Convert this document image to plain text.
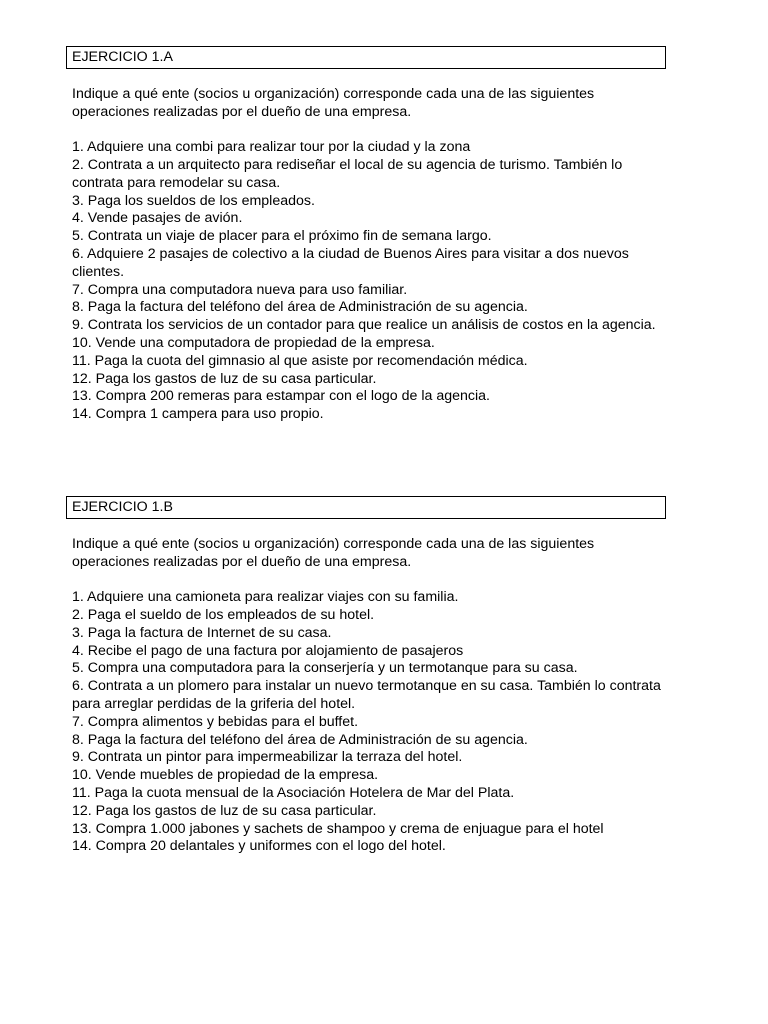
EJERCICIO 1.A
Indique a qué ente (socios u organización) corresponde cada una de las siguientes operaciones realizadas por el dueño de una empresa.
1. Adquiere una combi para realizar tour por la ciudad y la zona
2. Contrata a un arquitecto para rediseñar el local de su agencia de turismo. También lo contrata para remodelar su casa.
3. Paga los sueldos de los empleados.
4. Vende pasajes de avión.
5. Contrata un viaje de placer para el próximo fin de semana largo.
6. Adquiere 2 pasajes de colectivo a la ciudad de Buenos Aires para visitar a dos nuevos clientes.
7. Compra una computadora nueva para uso familiar.
8. Paga la factura del teléfono del área de Administración de su agencia.
9. Contrata los servicios de un contador para que realice un análisis de costos en la agencia.
10. Vende una computadora de propiedad de la empresa.
11. Paga la cuota del gimnasio al que asiste por recomendación médica.
12. Paga los gastos de luz de su casa particular.
13. Compra 200 remeras para estampar con el logo de la agencia.
14. Compra 1 campera para uso propio.
EJERCICIO 1.B
Indique a qué ente (socios u organización) corresponde cada una de las siguientes operaciones realizadas por el dueño de una empresa.
1. Adquiere una camioneta para realizar viajes con su familia.
2. Paga el sueldo de los empleados de su hotel.
3. Paga la factura de Internet de su casa.
4. Recibe el pago de una factura por alojamiento de pasajeros
5. Compra una computadora para la conserjería y un termotanque para su casa.
6. Contrata a un plomero para instalar un nuevo termotanque en su casa. También lo contrata para arreglar perdidas de la griferia del hotel.
7. Compra alimentos y bebidas para el buffet.
8. Paga la factura del teléfono del área de Administración de su agencia.
9. Contrata un pintor para impermeabilizar la terraza del hotel.
10. Vende muebles de propiedad de la empresa.
11. Paga la cuota mensual de la Asociación Hotelera de Mar del Plata.
12. Paga los gastos de luz de su casa particular.
13. Compra 1.000 jabones y sachets de shampoo y crema de enjuague para el hotel
14. Compra 20 delantales y uniformes con el logo del hotel.
